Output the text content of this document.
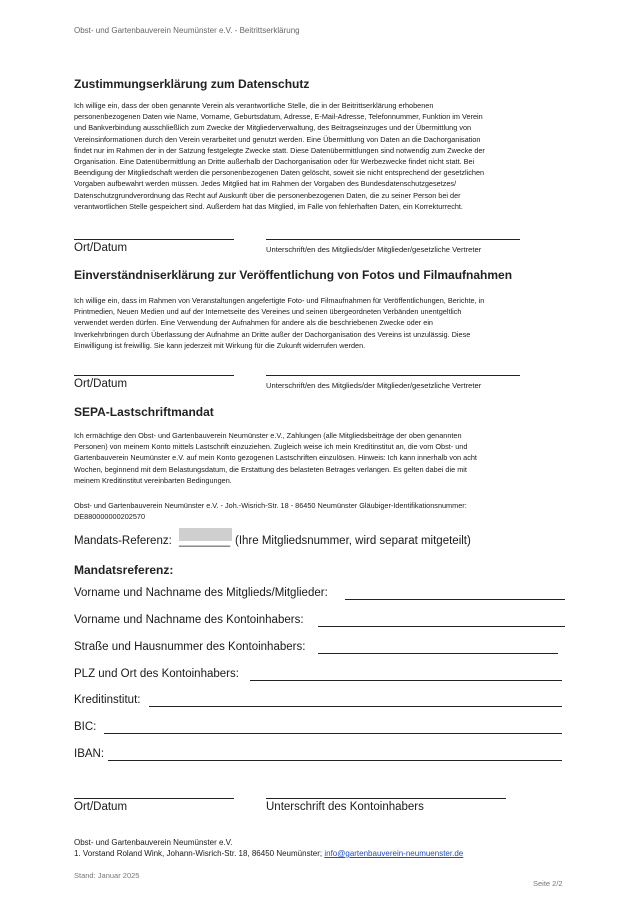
Obst- und Gartenbauverein Neumünster e.V. - Beitrittserklärung
Zustimmungserklärung zum Datenschutz
Ich willige ein, dass der oben genannte Verein als verantwortliche Stelle, die in der Beitrittserklärung erhobenen
personenbezogenen Daten wie Name, Vorname, Geburtsdatum, Adresse, E-Mail-Adresse, Telefonnummer, Funktion im Verein
und Bankverbindung ausschließlich zum Zwecke der Mitgliederverwaltung, des Beitragseinzuges und der Übermittlung von
Vereinsinformationen durch den Verein verarbeitet und genutzt werden. Eine Übermittlung von Daten an die Dachorganisation
findet nur im Rahmen der in der Satzung festgelegte Zwecke statt. Diese Datenübermittlungen sind notwendig zum Zwecke der
Organisation. Eine Datenübermittlung an Dritte außerhalb der Dachorganisation oder für Werbezwecke findet nicht statt. Bei
Beendigung der Mitgliedschaft werden die personenbezogenen Daten gelöscht, soweit sie nicht entsprechend der gesetzlichen
Vorgaben aufbewahrt werden müssen. Jedes Mitglied hat im Rahmen der Vorgaben des Bundesdatenschutzgesetzes/
Datenschutzgrundverordnung das Recht auf Auskunft über die personenbezogenen Daten, die zu seiner Person bei der
verantwortlichen Stelle gespeichert sind. Außerdem hat das Mitglied, im Falle von fehlerhaften Daten, ein Korrekturrecht.
Ort/Datum	Unterschrift/en des Mitglieds/der Mitglieder/gesetzliche Vertreter
Einverständniserklärung zur Veröffentlichung von Fotos und Filmaufnahmen
Ich willige ein, dass im Rahmen von Veranstaltungen angefertigte Foto- und Filmaufnahmen für Veröffentlichungen, Berichte, in
Printmedien, Neuen Medien und auf der Internetseite des Vereines und seinen übergeordneten Verbänden unentgeltlich
verwendet werden dürfen. Eine Verwendung der Aufnahmen für andere als die beschriebenen Zwecke oder ein
Inverkehrbringen durch Überlassung der Aufnahme an Dritte außer der Dachorganisation des Vereins ist unzulässig. Diese
Einwilligung ist freiwillig. Sie kann jederzeit mit Wirkung für die Zukunft widerrufen werden.
Ort/Datum	Unterschrift/en des Mitglieds/der Mitglieder/gesetzliche Vertreter
SEPA-Lastschriftmandat
Ich ermächtige den Obst- und Gartenbauverein Neumünster e.V., Zahlungen (alle Mitgliedsbeiträge der oben genannten
Personen) von meinem Konto mittels Lastschrift einzuziehen. Zugleich weise ich mein Kreditinstitut an, die vom Obst- und
Gartenbauverein Neumünster e.V. auf mein Konto gezogenen Lastschriften einzulösen. Hinweis: Ich kann innerhalb von acht
Wochen, beginnend mit dem Belastungsdatum, die Erstattung des belasteten Betrages verlangen. Es gelten dabei die mit
meinem Kreditinstitut vereinbarten Bedingungen.
Obst- und Gartenbauverein Neumünster e.V. - Joh.-Wisrich-Str. 18 - 86450 Neumünster Gläubiger-Identifikationsnummer:
DE880000000202570
Mandats-Referenz: ________ (Ihre Mitgliedsnummer, wird separat mitgeteilt)
Mandatsreferenz:
Vorname und Nachname des Mitglieds/Mitglieder:
Vorname und Nachname des Kontoinhabers:
Straße und Hausnummer des Kontoinhabers:
PLZ und Ort des Kontoinhabers:
Kreditinstitut:
BIC:
IBAN:
Ort/Datum	Unterschrift des Kontoinhabers
Obst- und Gartenbauverein Neumünster e.V.
1. Vorstand Roland Wink, Johann-Wisrich-Str. 18, 86450 Neumünster; info@gartenbauverein-neumuenster.de
Stand: Januar 2025
Seite 2/2
